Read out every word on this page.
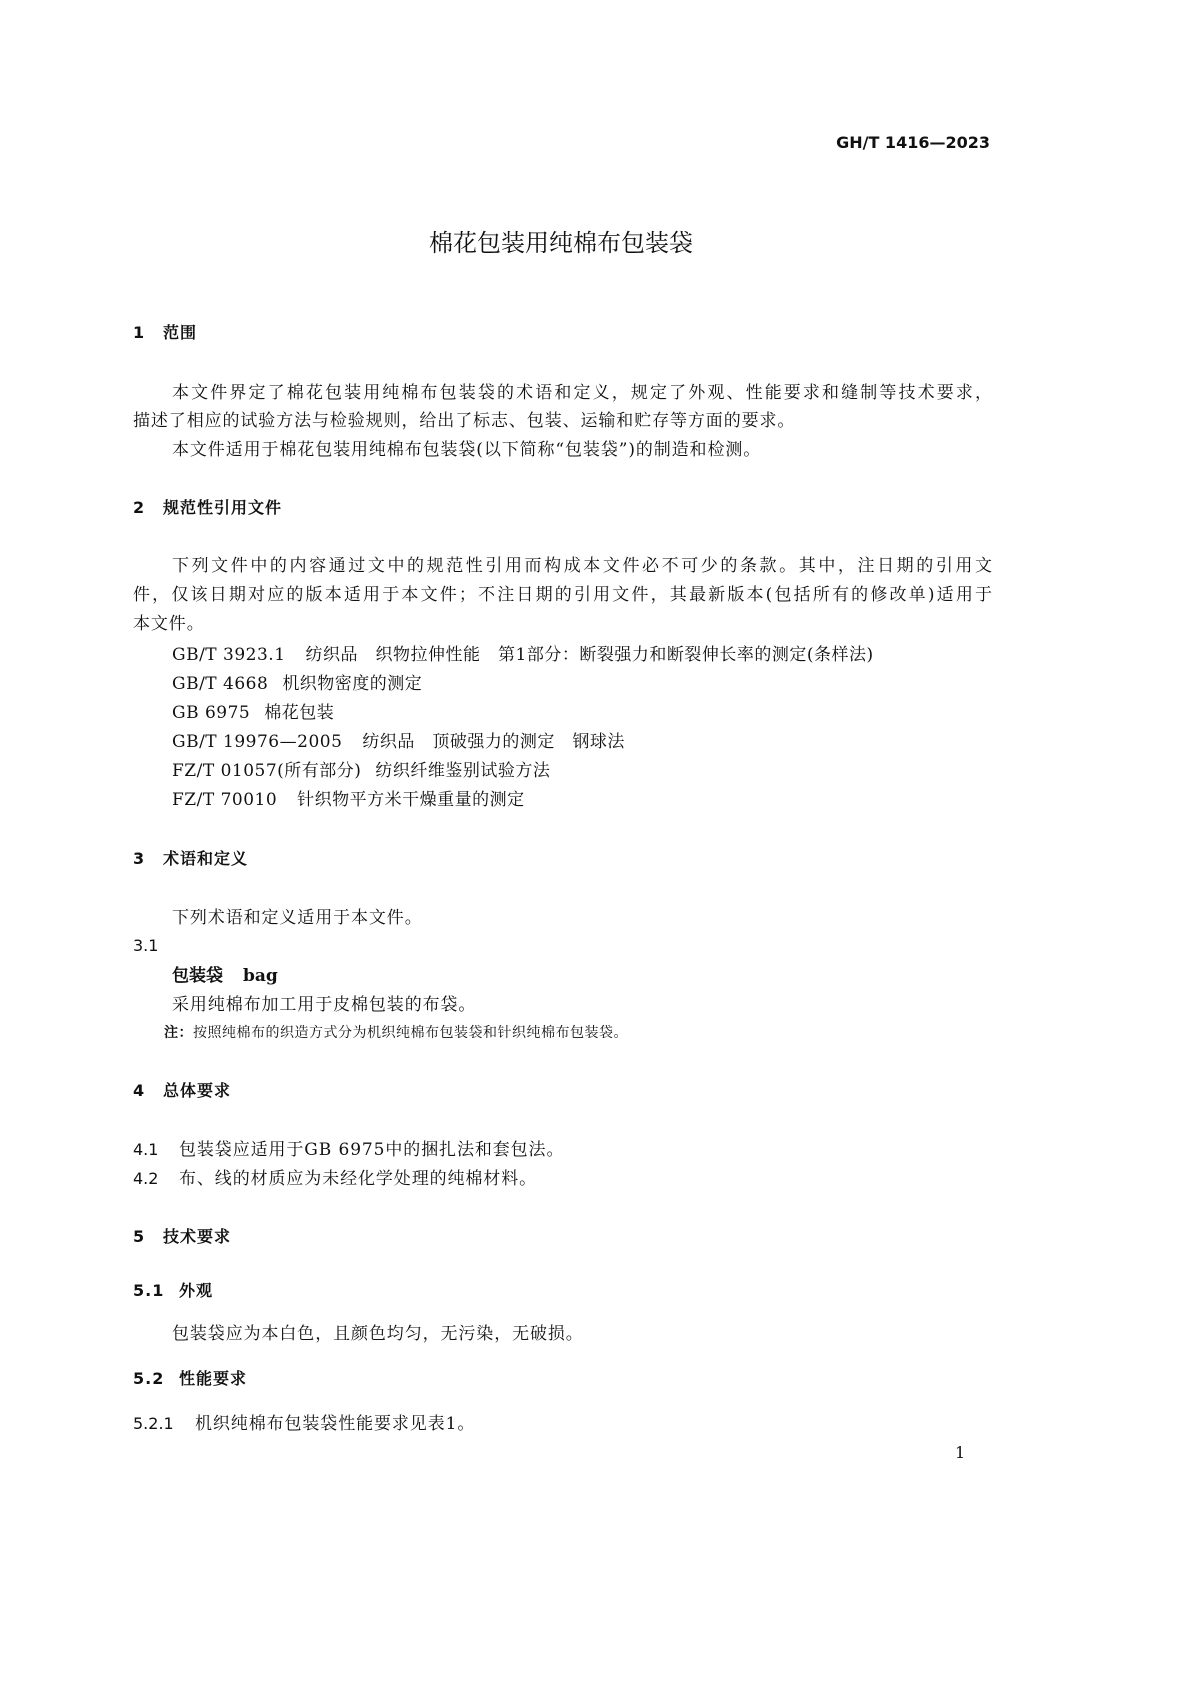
GH/T 1416—2023
棉花包装用纯棉布包装袋
1 范围
本文件界定了棉花包装用纯棉布包装袋的术语和定义，规定了外观、性能要求和缝制等技术要求，
描述了相应的试验方法与检验规则，给出了标志、包装、运输和贮存等方面的要求。
本文件适用于棉花包装用纯棉布包装袋(以下简称“包装袋”)的制造和检测。
2 规范性引用文件
下列文件中的内容通过文中的规范性引用而构成本文件必不可少的条款。其中，注日期的引用文
件，仅该日期对应的版本适用于本文件；不注日期的引用文件，其最新版本(包括所有的修改单)适用于
本文件。
GB/T 3923.1 纺织品　织物拉伸性能　第1部分：断裂强力和断裂伸长率的测定(条样法)
GB/T 4668 机织物密度的测定
GB 6975 棉花包装
GB/T 19976—2005 纺织品　顶破强力的测定　钢球法
FZ/T 01057(所有部分) 纺织纤维鉴别试验方法
FZ/T 70010 针织物平方米干燥重量的测定
3 术语和定义
下列术语和定义适用于本文件。
3.1
包装袋 bag
采用纯棉布加工用于皮棉包装的布袋。
注：按照纯棉布的织造方式分为机织纯棉布包装袋和针织纯棉布包装袋。
4 总体要求
4.1 包装袋应适用于GB 6975中的捆扎法和套包法。
4.2 布、线的材质应为未经化学处理的纯棉材料。
5 技术要求
5.1 外观
包装袋应为本白色，且颜色均匀，无污染，无破损。
5.2 性能要求
5.2.1 机织纯棉布包装袋性能要求见表1。
1
